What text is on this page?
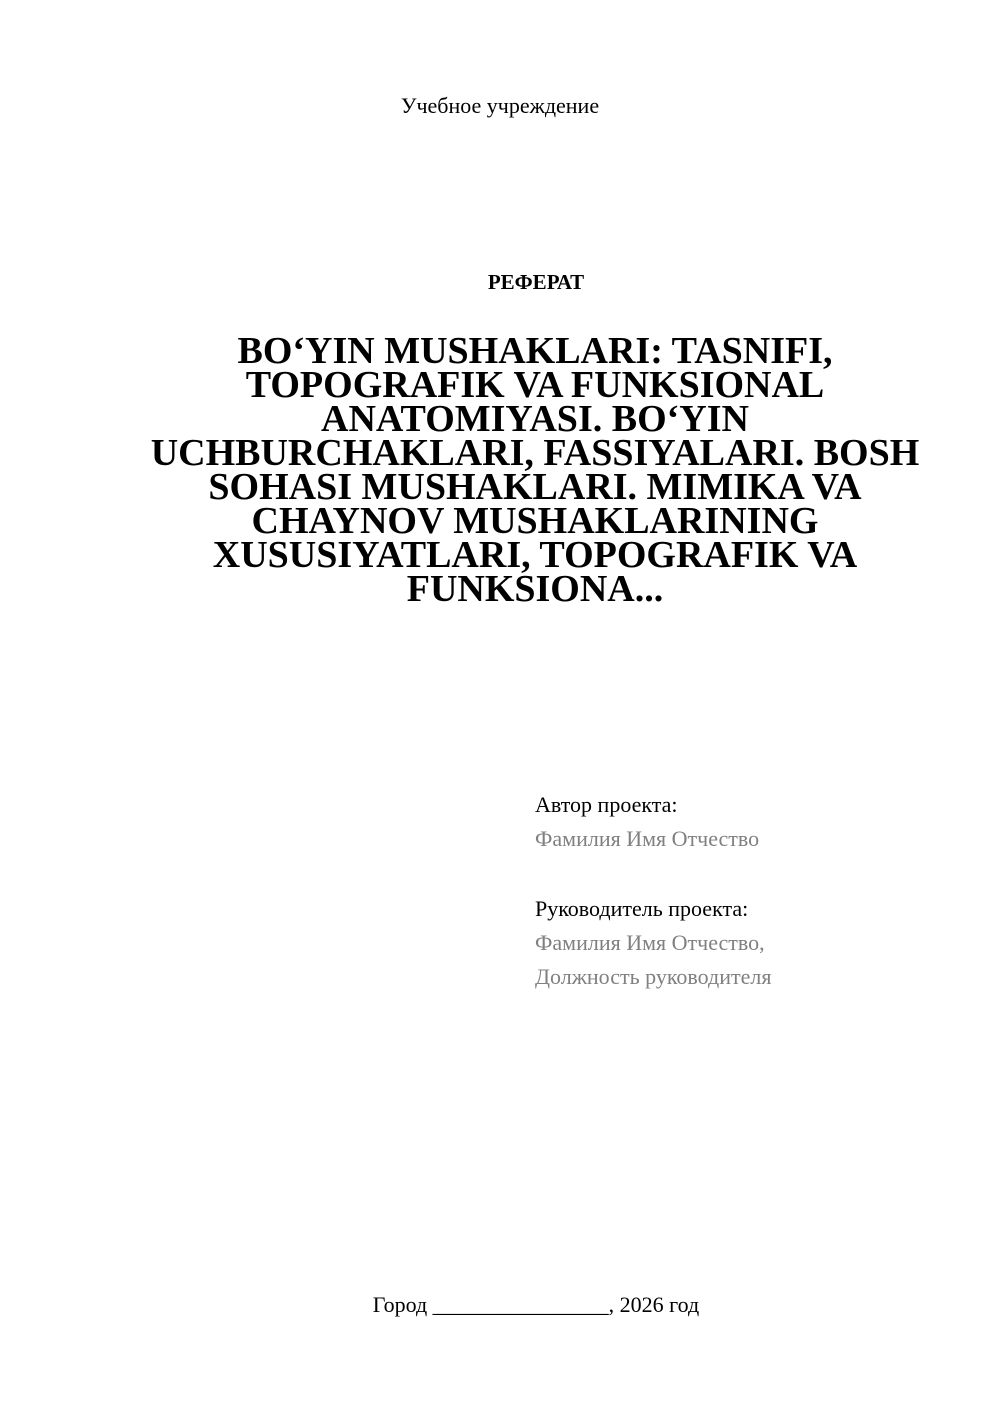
Учебное учреждение
РЕФЕРАТ
BO‘YIN MUSHAKLARI: TASNIFI, TOPOGRAFIK VA FUNKSIONAL ANATOMIYASI. BO‘YIN UCHBURCHAKLARI, FASSIYALARI. BOSH SOHASI MUSHAKLARI. MIMIKA VA CHAYNOV MUSHAKLARINING XUSUSIYATLARI, TOPOGRAFIK VA FUNKSIONA...
Автор проекта:
Фамилия Имя Отчество
Руководитель проекта:
Фамилия Имя Отчество,
Должность руководителя
Город ________________, 2026 год
